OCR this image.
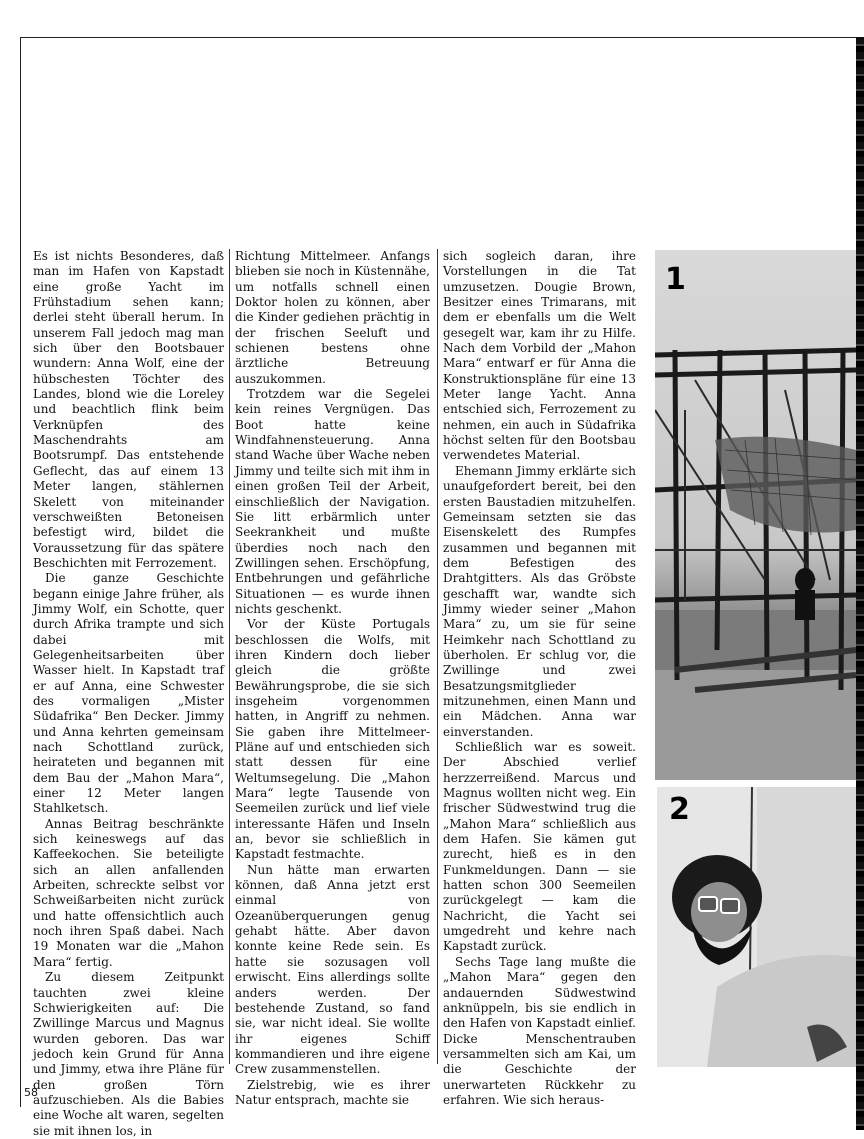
Es ist nichts Besonderes, daß man im Hafen von Kapstadt eine große Yacht im Frühstadium sehen kann; derlei steht überall herum. In unserem Fall jedoch mag man sich über den Bootsbauer wundern: Anna Wolf, eine der hübschesten Töchter des Landes, blond wie die Loreley und beachtlich flink beim Verknüpfen des Maschendrahts am Bootsrumpf. Das entstehende Geflecht, das auf einem 13 Meter langen, stählernen Skelett von miteinander verschweißten Betoneisen befestigt wird, bildet die Voraussetzung für das spätere Beschichten mit Ferrozement.

Die ganze Geschichte begann einige Jahre früher, als Jimmy Wolf, ein Schotte, quer durch Afrika trampte und sich dabei mit Gelegenheitsarbeiten über Wasser hielt. In Kapstadt traf er auf Anna, eine Schwester des vormaligen „Mister Südafrika“ Ben Decker. Jimmy und Anna kehrten gemeinsam nach Schottland zurück, heirateten und begannen mit dem Bau der „Mahon Mara“, einer 12 Meter langen Stahlketsch.

Annas Beitrag beschränkte sich keineswegs auf das Kaffeekochen. Sie beteiligte sich an allen anfallenden Arbeiten, schreckte selbst vor Schweißarbeiten nicht zurück und hatte offensichtlich auch noch ihren Spaß dabei. Nach 19 Monaten war die „Mahon Mara“ fertig.

Zu diesem Zeitpunkt tauchten zwei kleine Schwierigkeiten auf: Die Zwillinge Marcus und Magnus wurden geboren. Das war jedoch kein Grund für Anna und Jimmy, etwa ihre Pläne für den großen Törn aufzuschieben. Als die Babies eine Woche alt waren, segelten sie mit ihnen los, in

Richtung Mittelmeer. Anfangs blieben sie noch in Küstennähe, um notfalls schnell einen Doktor holen zu können, aber die Kinder gediehen prächtig in der frischen Seeluft und schienen bestens ohne ärztliche Betreuung auszukommen.

Trotzdem war die Segelei kein reines Vergnügen. Das Boot hatte keine Windfahnensteuerung. Anna stand Wache über Wache neben Jimmy und teilte sich mit ihm in einen großen Teil der Arbeit, einschließlich der Navigation. Sie litt erbärmlich unter Seekrankheit und mußte überdies noch nach den Zwillingen sehen. Erschöpfung, Entbehrungen und gefährliche Situationen — es wurde ihnen nichts geschenkt.

Vor der Küste Portugals beschlossen die Wolfs, mit ihren Kindern doch lieber gleich die größte Bewährungsprobe, die sie sich insgeheim vorgenommen hatten, in Angriff zu nehmen. Sie gaben ihre Mittelmeer-Pläne auf und entschieden sich statt dessen für eine Weltumsegelung. Die „Mahon Mara“ legte Tausende von Seemeilen zurück und lief viele interessante Häfen und Inseln an, bevor sie schließlich in Kapstadt festmachte.

Nun hätte man erwarten können, daß Anna jetzt erst einmal von Ozeanüberquerungen genug gehabt hätte. Aber davon konnte keine Rede sein. Es hatte sie sozusagen voll erwischt. Eins allerdings sollte anders werden. Der bestehende Zustand, so fand sie, war nicht ideal. Sie wollte ihr eigenes Schiff kommandieren und ihre eigene Crew zusammenstellen.

Zielstrebig, wie es ihrer Natur entsprach, machte sie

sich sogleich daran, ihre Vorstellungen in die Tat umzusetzen. Dougie Brown, Besitzer eines Trimarans, mit dem er ebenfalls um die Welt gesegelt war, kam ihr zu Hilfe. Nach dem Vorbild der „Mahon Mara“ entwarf er für Anna die Konstruktionspläne für eine 13 Meter lange Yacht. Anna entschied sich, Ferrozement zu nehmen, ein auch in Südafrika höchst selten für den Bootsbau verwendetes Material.

Ehemann Jimmy erklärte sich unaufgefordert bereit, bei den ersten Baustadien mitzuhelfen. Gemeinsam setzten sie das Eisenskelett des Rumpfes zusammen und begannen mit dem Befestigen des Drahtgitters. Als das Gröbste geschafft war, wandte sich Jimmy wieder seiner „Mahon Mara“ zu, um sie für seine Heimkehr nach Schottland zu überholen. Er schlug vor, die Zwillinge und zwei Besatzungsmitglieder mitzunehmen, einen Mann und ein Mädchen. Anna war einverstanden.

Schließlich war es soweit. Der Abschied verlief herzzerreißend. Marcus und Magnus wollten nicht weg. Ein frischer Südwestwind trug die „Mahon Mara“ schließlich aus dem Hafen. Sie kämen gut zurecht, hieß es in den Funkmeldungen. Dann — sie hatten schon 300 Seemeilen zurückgelegt — kam die Nachricht, die Yacht sei umgedreht und kehre nach Kapstadt zurück.

Sechs Tage lang mußte die „Mahon Mara“ gegen den andauernden Südwestwind anknüppeln, bis sie endlich in den Hafen von Kapstadt einlief. Dicke Menschentrauben versammelten sich am Kai, um die Geschichte der unerwarteten Rückkehr zu erfahren. Wie sich heraus-

1
2
58
